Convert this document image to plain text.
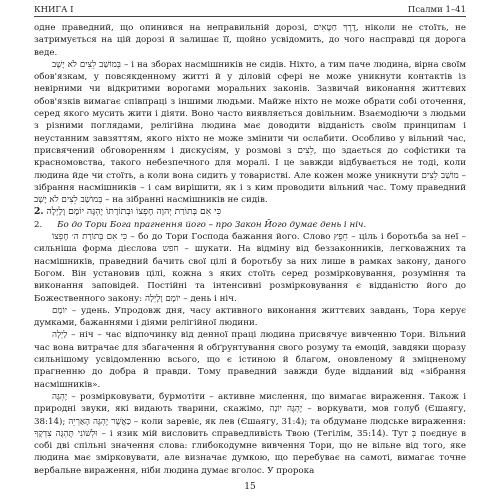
КНИГА І	Псалми 1–41

одне праведний, що опинився на неправильній дорозі, דֶרֶךְ חַטָּאִים, ніколи не стоїть, не затримується на цій дорозі й залишає її, щойно усвідомить, до чого насправді ця дорога веде.

בְּמוֹשַׁב לֵצִים לֹא יָשָׁב – і на зборах насмішників не сидів. Ніхто, а тим паче людина, вірна своїм обов'язкам, у повсякденному житті й у діловій сфері не може уникнути контактів із невірними чи відкритими ворогами моральних законів. Зазвичай виконання життєвих обов'язків вимагає співпраці з іншими людьми. Майже ніхто не може обрати собі оточення, серед якого мусить жити і діяти. Воно часто виявляється довільним. Взаємодіючи з людьми з різними поглядами, релігійна людина має доводити відданість своїм принципам і неустанним завзяттям, якого ніхто не може змінити чи ослабити. Особливо у вільний час, присвячений обговоренням і дискусіям, у розмові з לֵצִים, що здається до софістики та красномовства, такого небезпечного для моралі. І це завжди відбувається не тоді, коли людина йде чи стоїть, а коли вона сидить у товаристві. Але кожен може уникнути מוֹשַׁב לֵצִים – зібрання насмішників – і сам вирішити, як і з ким проводити вільний час. Тому праведний בְּמוֹשַׁב לֵצִים לֹא יָשָׁב – на зібранні насмішників не сидів.

2. כִּי אִם בְּתוֹרַת יְהוָה חֶפְצוֹ וּבְתוֹרָתוֹ יֶהְגֶּה יוֹמָם וָלָיְלָה

2. Бо до Тори Бога прагнення його – про Закон Його думає день і ніч.

כִּי אִם בְּתוֹרַת ה׳ חֶפְצוֹ – бо до Тори Господа бажання його. Слово חֵפֶץ – ціль і боротьба за неї – сильніша форма дієслова חפש – шукати. На відміну від беззаконників, легковажних та насмішників, праведний бачить свої цілі й боротьбу за них лише в рамках закону, даного Богом. Він установив цілі, кожна з яких стоїть серед розмірковування, розуміння та виконання заповідей. Постійні та інтенсивні розмірковування є відданістю його до Божественного закону: יוֹמָם וָלָיְלָה – день і ніч.

יוֹמָם – удень. Упродовж дня, часу активного виконання життєвих завдань, Тора керує думками, бажаннями і діями релігійної людини.

לַיְלָה – ніч – час відпочинку від денної праці людина присвячує вивченню Тори. Вільний час вона витрачає для збагачення й обґрунтування свого розуму та емоцій, завдяки щоразу сильнішому усвідомленню всього, що є істиною й благом, оновленому й зміцненому прагненню до добра й правди. Тому праведний завжди буде відданий від «зібрання насмішників».

יֶהְגֶּה – розмірковувати, бурмотіти – активне мислення, що вимагає вираження. Також і природні звуки, які видають тварини, скажімо, יֶהְגֶּה יוֹנָה – воркувати, мов голуб (Єшаягу, 38:14); כַּאֲשֶׁר יֶהְגֶּה הָאַרְיֵה – коли заревіє, як лев (Єшаягу, 31:4); та обдумане людське вираження: וּלְשׁוֹנִי תֶּהְגֶּה צִדְקֶךָ – і язик мій висловить справедливість Твою (Тегілім, 35:14). Тут בְּ поєднує в собі дві спільні значення слова: глибокодумне вивчення Тори, що не вільне від того, яке людина має змірковувати, але визначає думкою, що перебуває на самоті, вимагає точне вербальне вираження, ніби людина думає вголос. У пророка

15
